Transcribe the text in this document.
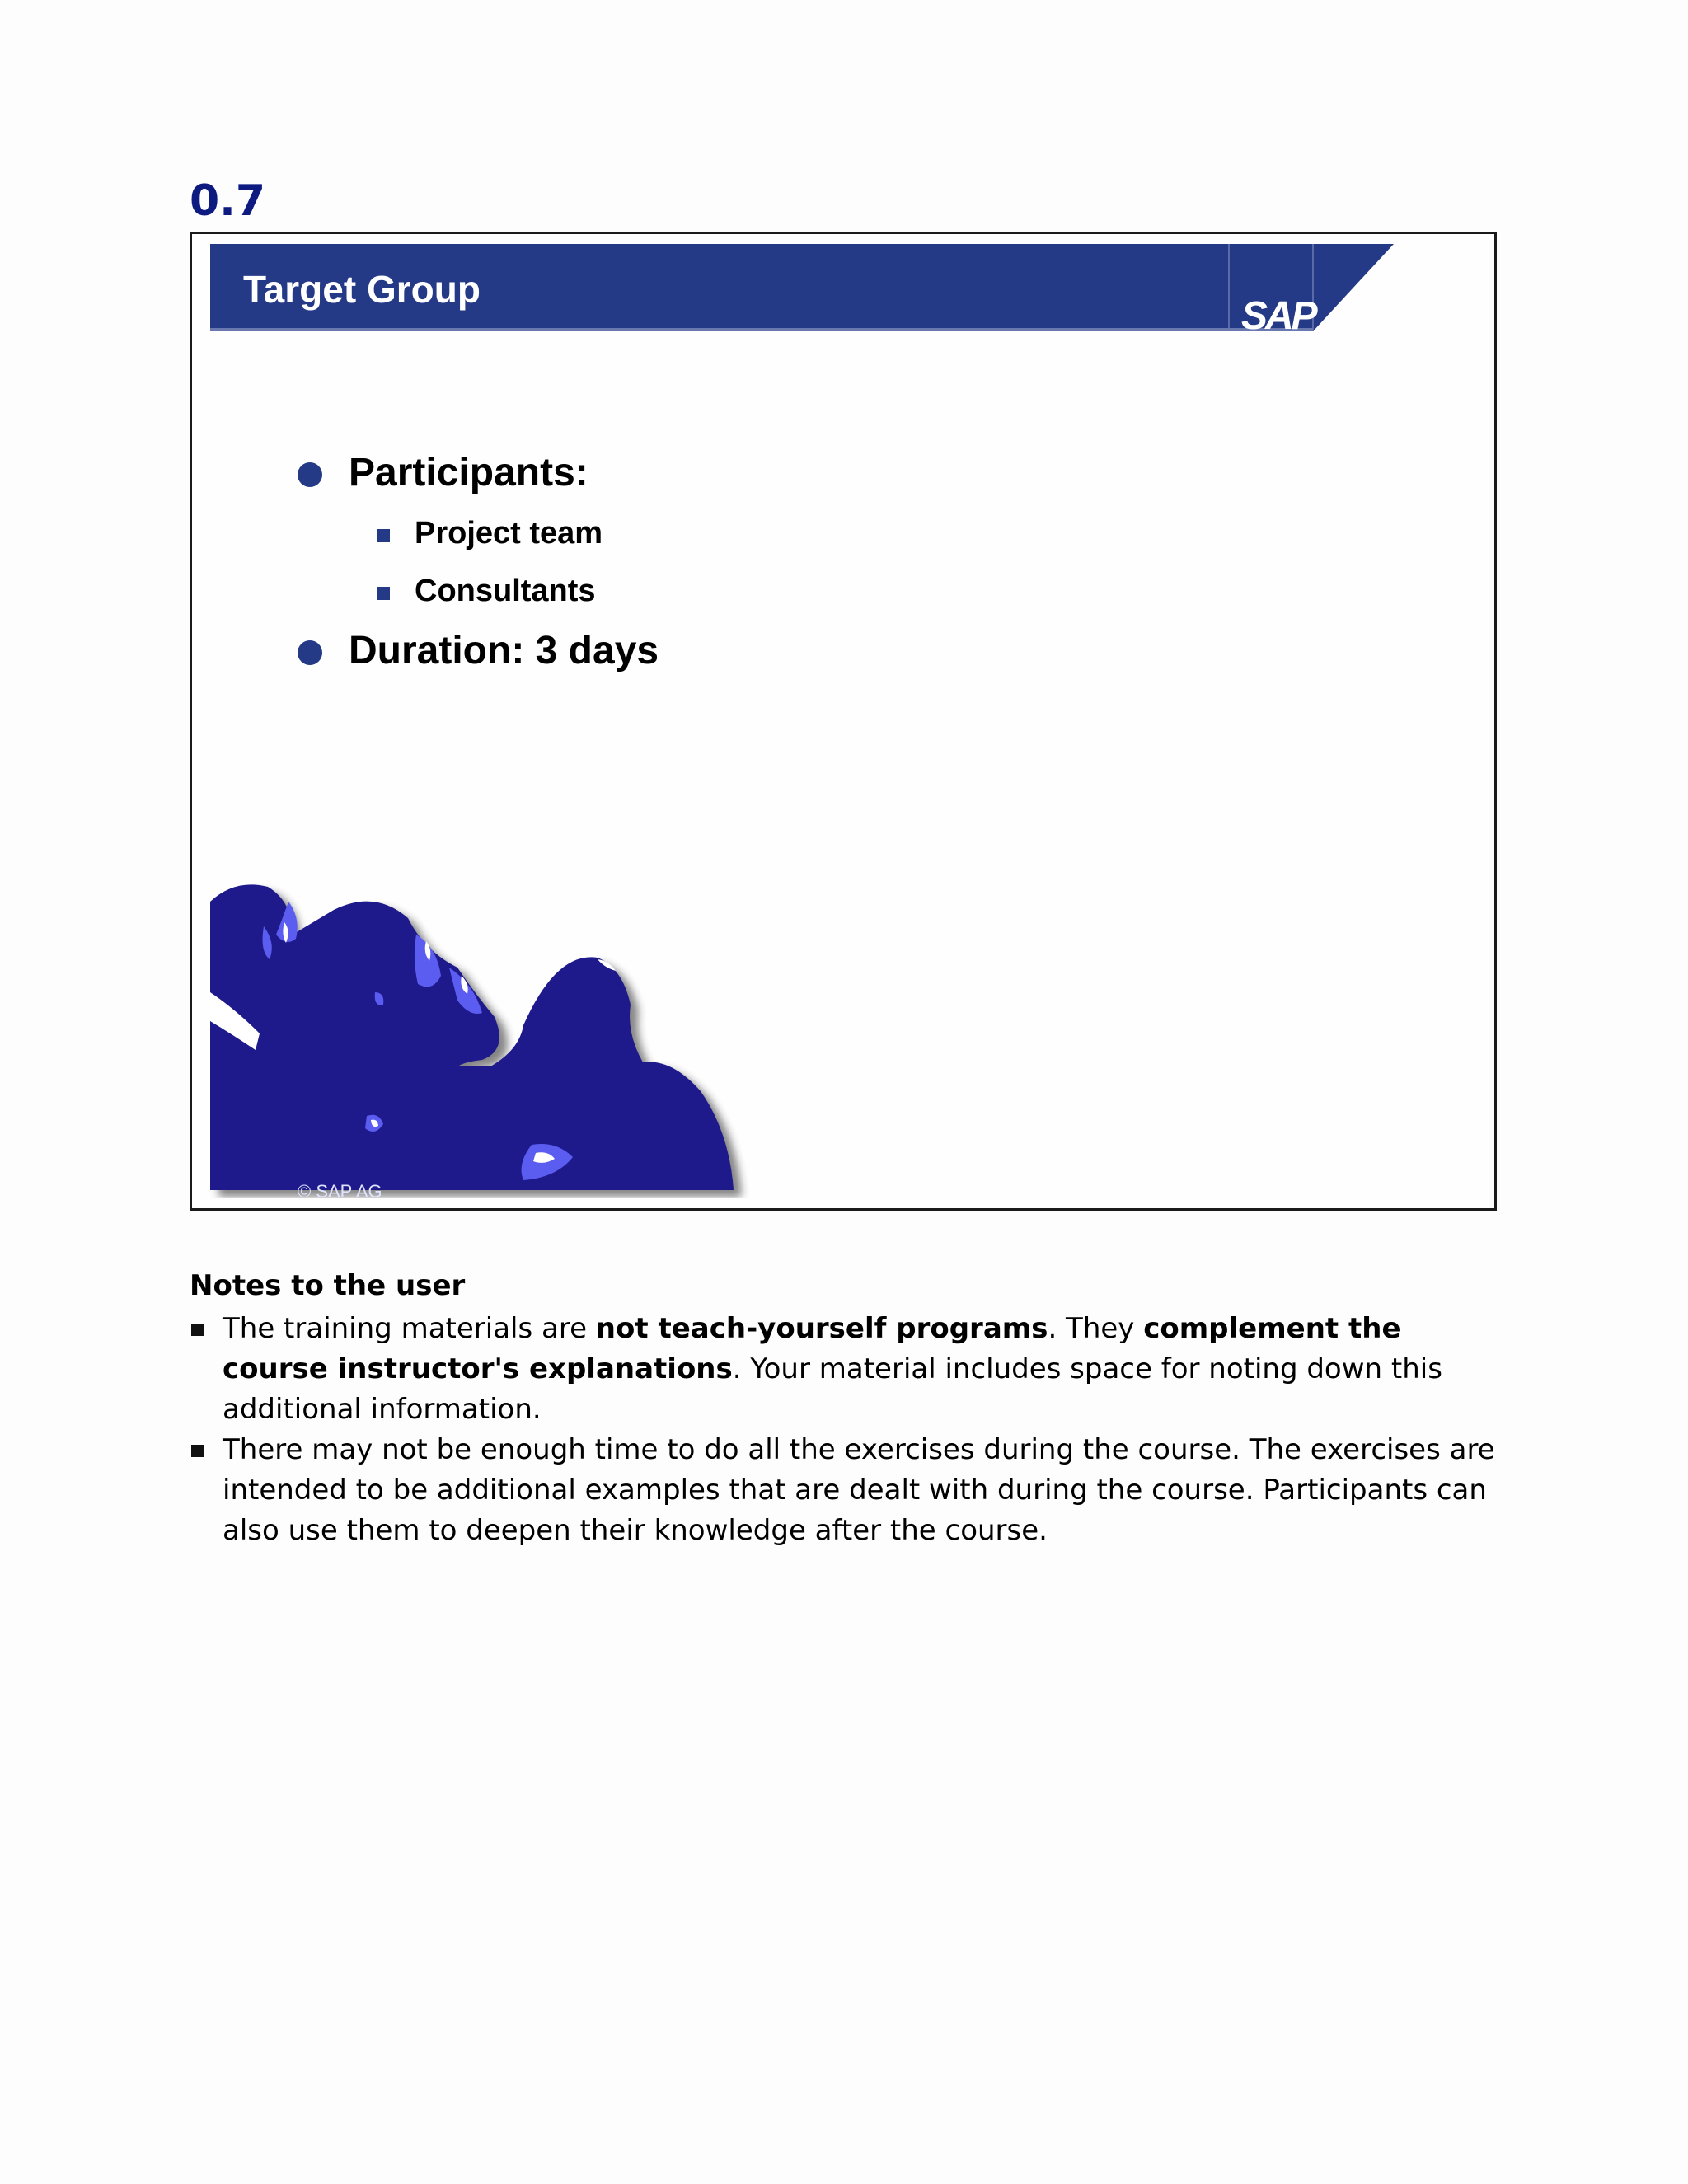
0.7
Target Group
SAP
Participants:
Project team
Consultants
Duration: 3 days
© SAP AG
Notes to the user
The training materials are not teach-yourself programs. They complement the course instructor's explanations. Your material includes space for noting down this additional information.
There may not be enough time to do all the exercises during the course. The exercises are intended to be additional examples that are dealt with during the course. Participants can also use them to deepen their knowledge after the course.
